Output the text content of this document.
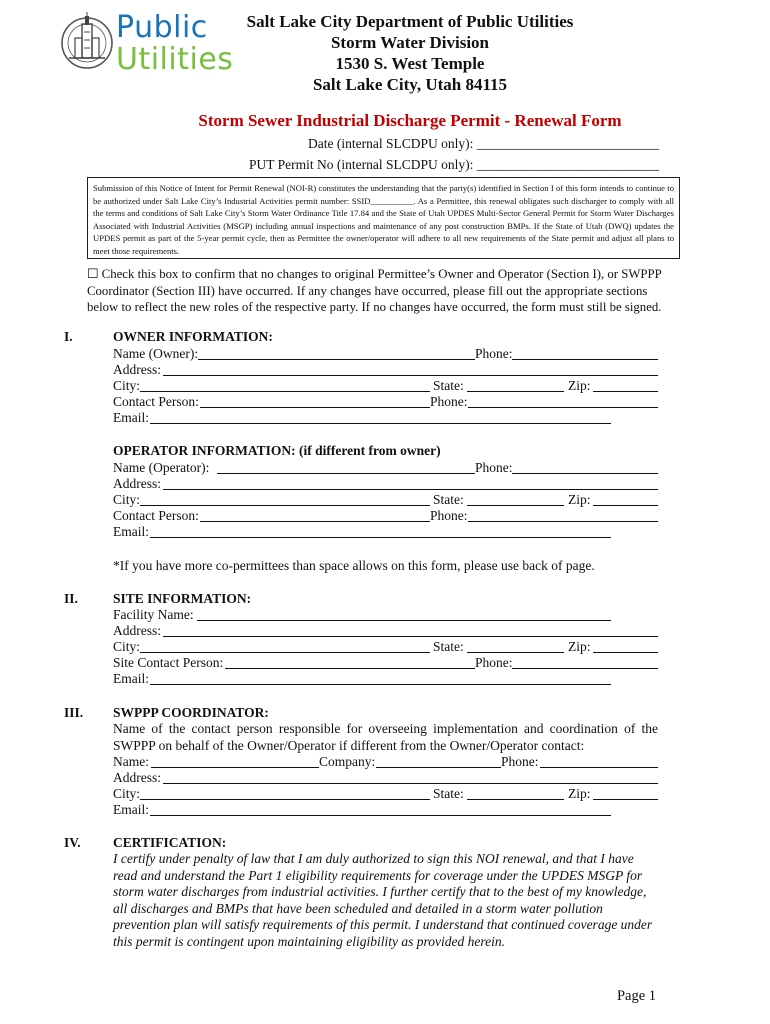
Public
Utilities
Salt Lake City Department of Public Utilities
Storm Water Division
1530 S. West Temple
Salt Lake City, Utah 84115
Storm Sewer Industrial Discharge Permit - Renewal Form
Date (internal SLCDPU only): ___________________________
PUT Permit No (internal SLCDPU only): ___________________________
Submission of this Notice of Intent for Permit Renewal (NOI-R) constitutes the understanding that the party(s) identified in Section I of this form intends to continue to be authorized under Salt Lake City’s Industrial Activities permit number: SSID__________. As a Permittee, this renewal obligates such discharger to comply with all the terms and conditions of Salt Lake City’s Storm Water Ordinance Title 17.84 and the State of Utah UPDES Multi-Sector General Permit for Storm Water Discharges Associated with Industrial Activities (MSGP) including annual inspections and maintenance of any post construction BMPs. If the State of Utah (DWQ) updates the UPDES permit as part of the 5-year permit cycle, then as Permittee the owner/operator will adhere to all new requirements of the State permit and adjust all plans to meet those requirements.
☐ Check this box to confirm that no changes to original Permittee’s Owner and Operator (Section I), or SWPPP Coordinator (Section III) have occurred. If any changes have occurred, please fill out the appropriate sections below to reflect the new roles of the respective party. If no changes have occurred, the form must still be signed.
I.	OWNER INFORMATION:
Name (Owner):	Phone:
Address:
City:	State:	Zip:
Contact Person:	Phone:
Email:
OPERATOR INFORMATION: (if different from owner)
Name (Operator):	Phone:
Address:
City:	State:	Zip:
Contact Person:	Phone:
Email:
*If you have more co-permittees than space allows on this form, please use back of page.
II.	SITE INFORMATION:
Facility Name:
Address:
City:	State:	Zip:
Site Contact Person:	Phone:
Email:
III. SWPPP COORDINATOR:
Name of the contact person responsible for overseeing implementation and coordination of the SWPPP on behalf of the Owner/Operator if different from the Owner/Operator contact:
Name:	Company:	Phone:
Address:
City:	State:	Zip:
Email:
IV. CERTIFICATION:
I certify under penalty of law that I am duly authorized to sign this NOI renewal, and that I have read and understand the Part 1 eligibility requirements for coverage under the UPDES MSGP for storm water discharges from industrial activities. I further certify that to the best of my knowledge, all discharges and BMPs that have been scheduled and detailed in a storm water pollution prevention plan will satisfy requirements of this permit. I understand that continued coverage under this permit is contingent upon maintaining eligibility as provided herein.
Page 1
